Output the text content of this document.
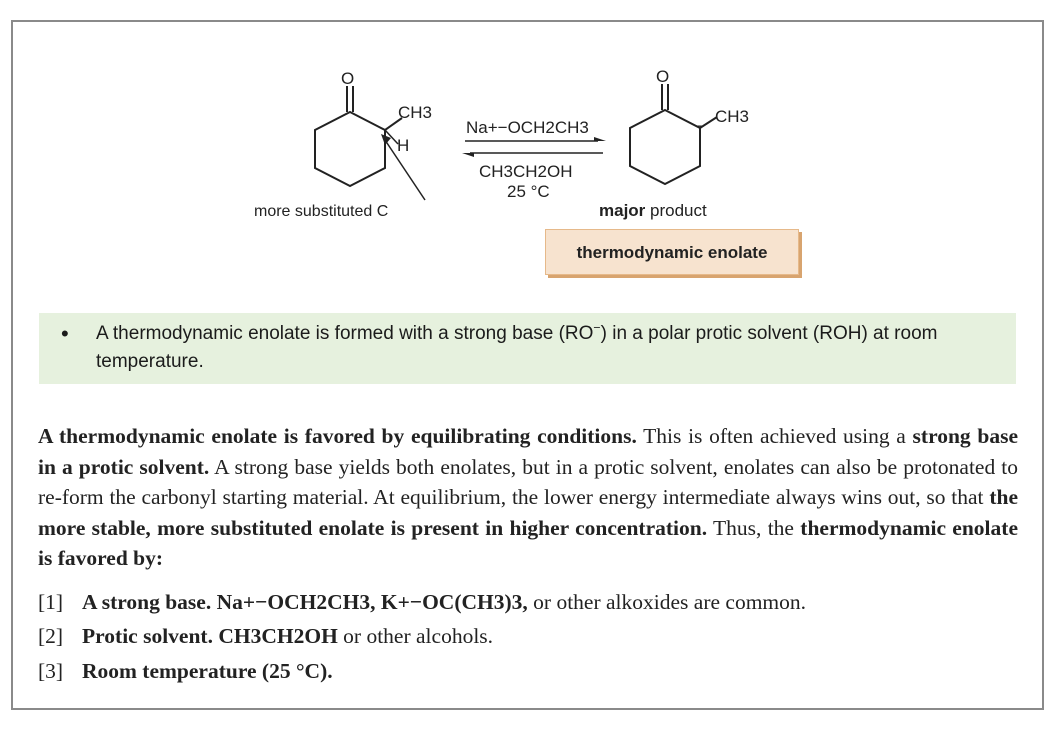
O
CH3
H
more substituted C
Na+−OCH2CH3
CH3CH2OH
25 °C
O
CH3
major product
thermodynamic enolate
• A thermodynamic enolate is formed with a strong base (RO−) in a polar protic solvent (ROH) at room temperature.
A thermodynamic enolate is favored by equilibrating conditions. This is often achieved using a strong base in a protic solvent. A strong base yields both enolates, but in a protic solvent, enolates can also be protonated to re-form the carbonyl starting material. At equilibrium, the lower energy intermediate always wins out, so that the more stable, more substituted enolate is present in higher concentration. Thus, the thermodynamic enolate is favored by:
[1] A strong base. Na+−OCH2CH3, K+−OC(CH3)3, or other alkoxides are common.
[2] Protic solvent. CH3CH2OH or other alcohols.
[3] Room temperature (25 °C).
